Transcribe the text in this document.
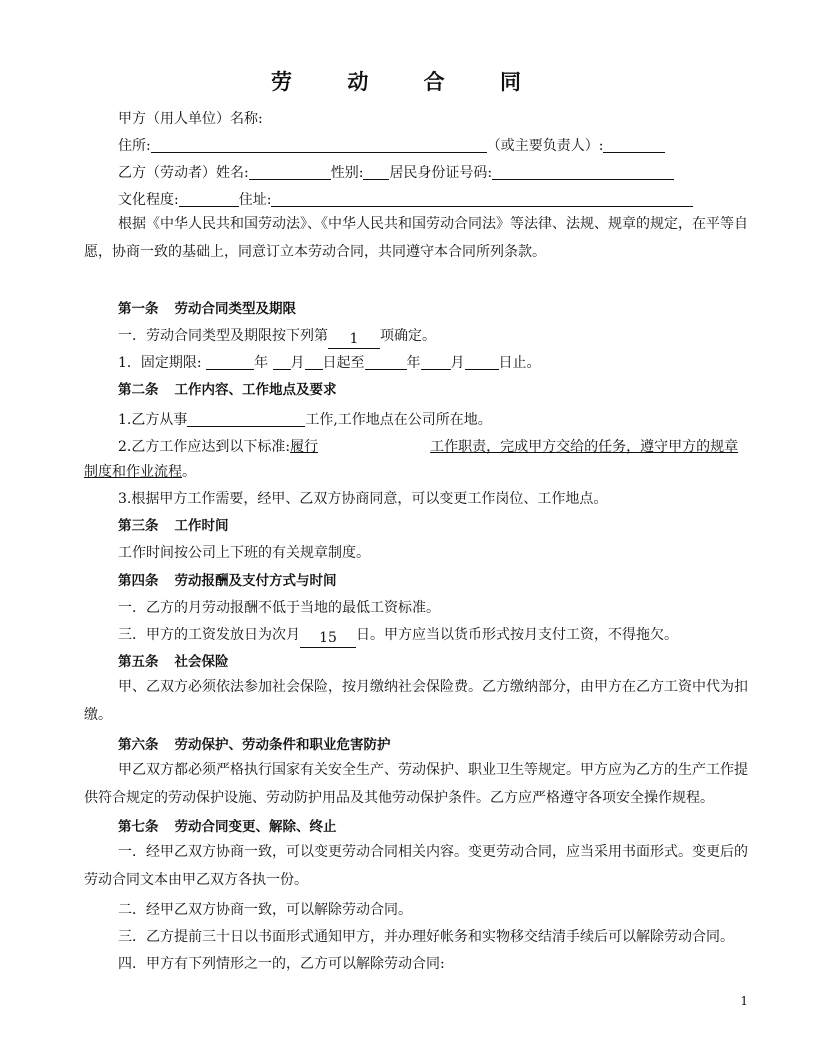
劳 动 合 同
甲方（用人单位）名称:
住所:	（或主要负责人）:
乙方（劳动者）姓名:	性别: 居民身份证号码:
文化程度:	住址:
根据《中华人民共和国劳动法》、《中华人民共和国劳动合同法》等法律、法规、规章的规定，在平等自愿，协商一致的基础上，同意订立本劳动合同，共同遵守本合同所列条款。
第一条 劳动合同类型及期限
一．劳动合同类型及期限按下列第 1 项确定。
1．固定期限:	年 月 日起至	年 月 日止。
第二条 工作内容、工作地点及要求
1.乙方从事	工作,工作地点在公司所在地。
2.乙方工作应达到以下标准:履行	工作职责，完成甲方交给的任务，遵守甲方的规章
制度和作业流程。
3.根据甲方工作需要，经甲、乙双方协商同意，可以变更工作岗位、工作地点。
第三条 工作时间
工作时间按公司上下班的有关规章制度。
第四条 劳动报酬及支付方式与时间
一．乙方的月劳动报酬不低于当地的最低工资标准。
三．甲方的工资发放日为次月 15 日。甲方应当以货币形式按月支付工资，不得拖欠。
第五条 社会保险
甲、乙双方必须依法参加社会保险，按月缴纳社会保险费。乙方缴纳部分，由甲方在乙方工资中代为扣缴。
第六条 劳动保护、劳动条件和职业危害防护
甲乙双方都必须严格执行国家有关安全生产、劳动保护、职业卫生等规定。甲方应为乙方的生产工作提供符合规定的劳动保护设施、劳动防护用品及其他劳动保护条件。乙方应严格遵守各项安全操作规程。
第七条 劳动合同变更、解除、终止
一．经甲乙双方协商一致，可以变更劳动合同相关内容。变更劳动合同，应当采用书面形式。变更后的劳动合同文本由甲乙双方各执一份。
二．经甲乙双方协商一致，可以解除劳动合同。
三．乙方提前三十日以书面形式通知甲方，并办理好帐务和实物移交结清手续后可以解除劳动合同。
四．甲方有下列情形之一的，乙方可以解除劳动合同:
1
